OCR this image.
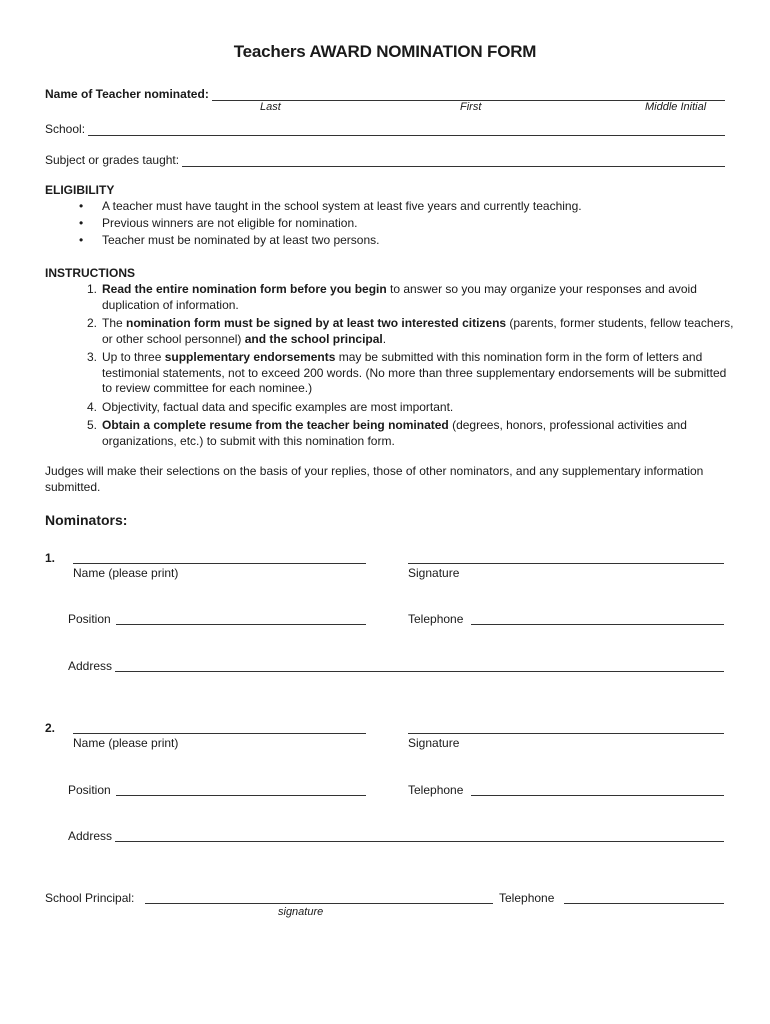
Teachers AWARD NOMINATION FORM
Name of Teacher nominated:
Last	First	Middle Initial
School:
Subject or grades taught:
ELIGIBILITY
• A teacher must have taught in the school system at least five years and currently teaching.
• Previous winners are not eligible for nomination.
• Teacher must be nominated by at least two persons.
INSTRUCTIONS
1. Read the entire nomination form before you begin to answer so you may organize your responses and avoid duplication of information.
2. The nomination form must be signed by at least two interested citizens (parents, former students, fellow teachers, or other school personnel) and the school principal.
3. Up to three supplementary endorsements may be submitted with this nomination form in the form of letters and testimonial statements, not to exceed 200 words. (No more than three supplementary endorsements will be submitted to review committee for each nominee.)
4. Objectivity, factual data and specific examples are most important.
5. Obtain a complete resume from the teacher being nominated (degrees, honors, professional activities and organizations, etc.) to submit with this nomination form.
Judges will make their selections on the basis of your replies, those of other nominators, and any supplementary information submitted.
Nominators:
1.
Name (please print)	Signature
Position	Telephone
Address
2.
Name (please print)	Signature
Position	Telephone
Address
School Principal:	Telephone
signature
